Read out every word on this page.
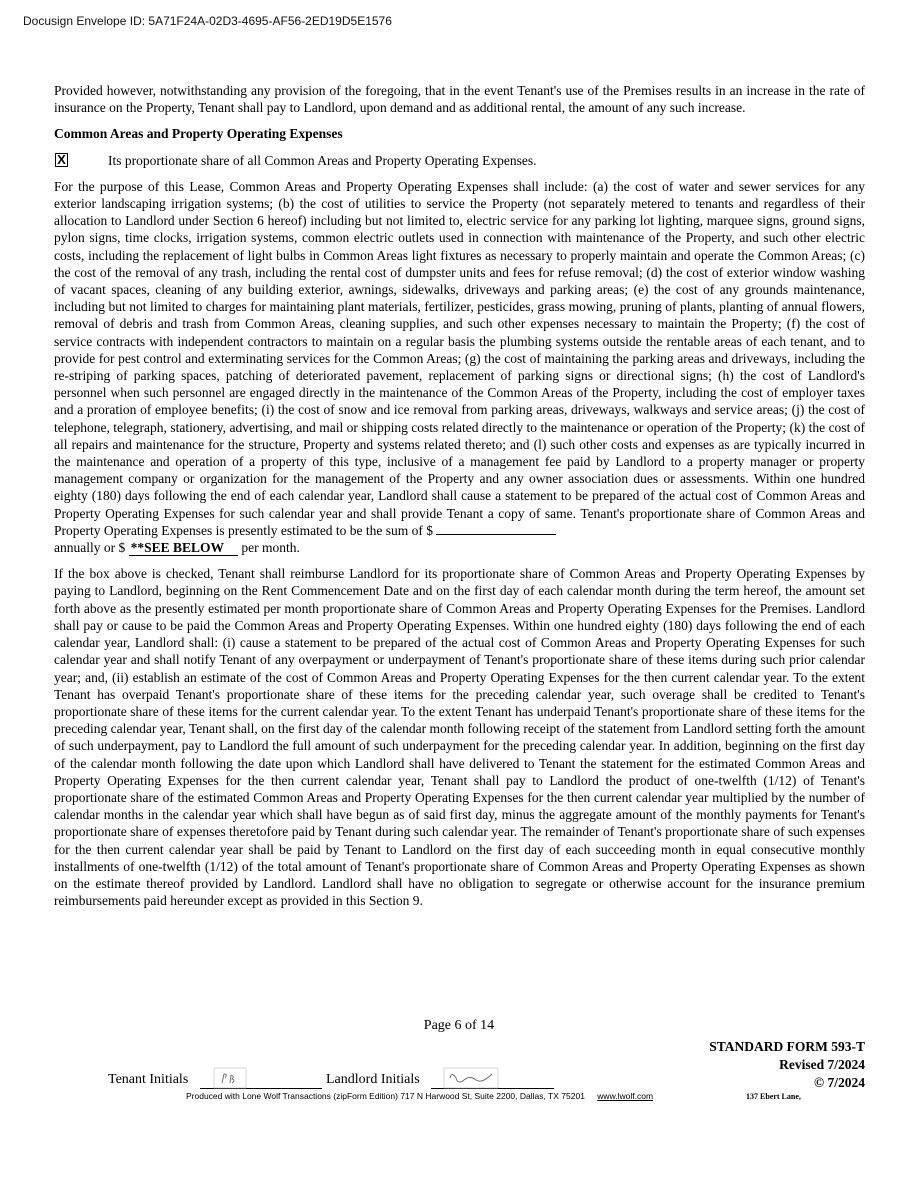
Docusign Envelope ID: 5A71F24A-02D3-4695-AF56-2ED19D5E1576

Provided however, notwithstanding any provision of the foregoing, that in the event Tenant's use of the Premises results in an increase in the rate of insurance on the Property, Tenant shall pay to Landlord, upon demand and as additional rental, the amount of any such increase.

Common Areas and Property Operating Expenses
X	Its proportionate share of all Common Areas and Property Operating Expenses.

For the purpose of this Lease, Common Areas and Property Operating Expenses shall include: (a) the cost of water and sewer services for any exterior landscaping irrigation systems; (b) the cost of utilities to service the Property (not separately metered to tenants and regardless of their allocation to Landlord under Section 6 hereof) including but not limited to, electric service for any parking lot lighting, marquee signs, ground signs, pylon signs, time clocks, irrigation systems, common electric outlets used in connection with maintenance of the Property, and such other electric costs, including the replacement of light bulbs in Common Areas light fixtures as necessary to properly maintain and operate the Common Areas; (c) the cost of the removal of any trash, including the rental cost of dumpster units and fees for refuse removal; (d) the cost of exterior window washing of vacant spaces, cleaning of any building exterior, awnings, sidewalks, driveways and parking areas; (e) the cost of any grounds maintenance, including but not limited to charges for maintaining plant materials, fertilizer, pesticides, grass mowing, pruning of plants, planting of annual flowers, removal of debris and trash from Common Areas, cleaning supplies, and such other expenses necessary to maintain the Property; (f) the cost of service contracts with independent contractors to maintain on a regular basis the plumbing systems outside the rentable areas of each tenant, and to provide for pest control and exterminating services for the Common Areas; (g) the cost of maintaining the parking areas and driveways, including the re-striping of parking spaces, patching of deteriorated pavement, replacement of parking signs or directional signs; (h) the cost of Landlord's personnel when such personnel are engaged directly in the maintenance of the Common Areas of the Property, including the cost of employer taxes and a proration of employee benefits; (i) the cost of snow and ice removal from parking areas, driveways, walkways and service areas; (j) the cost of telephone, telegraph, stationery, advertising, and mail or shipping costs related directly to the maintenance or operation of the Property; (k) the cost of all repairs and maintenance for the structure, Property and systems related thereto; and (l) such other costs and expenses as are typically incurred in the maintenance and operation of a property of this type, inclusive of a management fee paid by Landlord to a property manager or property management company or organization for the management of the Property and any owner association dues or assessments. Within one hundred eighty (180) days following the end of each calendar year, Landlord shall cause a statement to be prepared of the actual cost of Common Areas and Property Operating Expenses for such calendar year and shall provide Tenant a copy of same. Tenant's proportionate share of Common Areas and Property Operating Expenses is presently estimated to be the sum of $
annually or $ **SEE BELOW per month.

If the box above is checked, Tenant shall reimburse Landlord for its proportionate share of Common Areas and Property Operating Expenses by paying to Landlord, beginning on the Rent Commencement Date and on the first day of each calendar month during the term hereof, the amount set forth above as the presently estimated per month proportionate share of Common Areas and Property Operating Expenses for the Premises. Landlord shall pay or cause to be paid the Common Areas and Property Operating Expenses. Within one hundred eighty (180) days following the end of each calendar year, Landlord shall: (i) cause a statement to be prepared of the actual cost of Common Areas and Property Operating Expenses for such calendar year and shall notify Tenant of any overpayment or underpayment of Tenant's proportionate share of these items during such prior calendar year; and, (ii) establish an estimate of the cost of Common Areas and Property Operating Expenses for the then current calendar year. To the extent Tenant has overpaid Tenant's proportionate share of these items for the preceding calendar year, such overage shall be credited to Tenant's proportionate share of these items for the current calendar year. To the extent Tenant has underpaid Tenant's proportionate share of these items for the preceding calendar year, Tenant shall, on the first day of the calendar month following receipt of the statement from Landlord setting forth the amount of such underpayment, pay to Landlord the full amount of such underpayment for the preceding calendar year. In addition, beginning on the first day of the calendar month following the date upon which Landlord shall have delivered to Tenant the statement for the estimated Common Areas and Property Operating Expenses for the then current calendar year, Tenant shall pay to Landlord the product of one-twelfth (1/12) of Tenant's proportionate share of the estimated Common Areas and Property Operating Expenses for the then current calendar year multiplied by the number of calendar months in the calendar year which shall have begun as of said first day, minus the aggregate amount of the monthly payments for Tenant's proportionate share of expenses theretofore paid by Tenant during such calendar year. The remainder of Tenant's proportionate share of such expenses for the then current calendar year shall be paid by Tenant to Landlord on the first day of each succeeding month in equal consecutive monthly installments of one-twelfth (1/12) of the total amount of Tenant's proportionate share of Common Areas and Property Operating Expenses as shown on the estimate thereof provided by Landlord. Landlord shall have no obligation to segregate or otherwise account for the insurance premium reimbursements paid hereunder except as provided in this Section 9.

Page 6 of 14
STANDARD FORM 593-T
Revised 7/2024
© 7/2024
Tenant Initials	Landlord Initials
Produced with Lone Wolf Transactions (zipForm Edition) 717 N Harwood St, Suite 2200, Dallas, TX 75201 www.lwolf.com	137 Ebert Lane,
